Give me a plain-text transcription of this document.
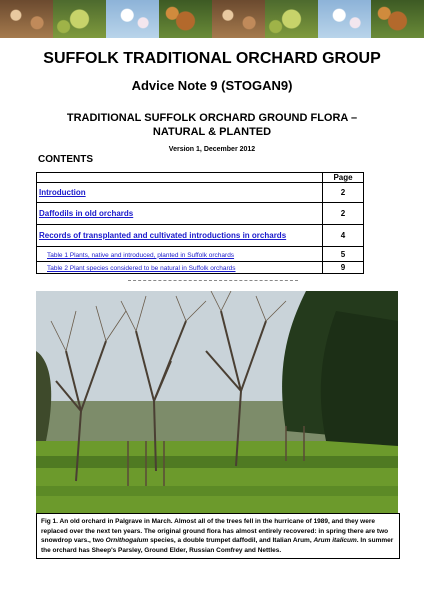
SUFFOLK TRADITIONAL ORCHARD GROUP
Advice Note 9 (STOGAN9)
TRADITIONAL SUFFOLK ORCHARD GROUND FLORA –
NATURAL & PLANTED
Version 1, December 2012
CONTENTS
	Page
Introduction	2
Daffodils in old orchards	2
Records of transplanted and cultivated introductions in orchards	4
Table 1 Plants, native and introduced, planted in Suffolk orchards	5
Table 2 Plant species considered to be natural in Suffolk orchards	9
Fig 1. An old orchard in Palgrave in March. Almost all of the trees fell in the hurricane of 1989, and they were replaced over the next ten years. The original ground flora has almost entirely recovered: in spring there are two snowdrop vars., two Ornithogalum species, a double trumpet daffodil, and Italian Arum, Arum italicum. In summer the orchard has Sheep's Parsley, Ground Elder, Russian Comfrey and Nettles.
